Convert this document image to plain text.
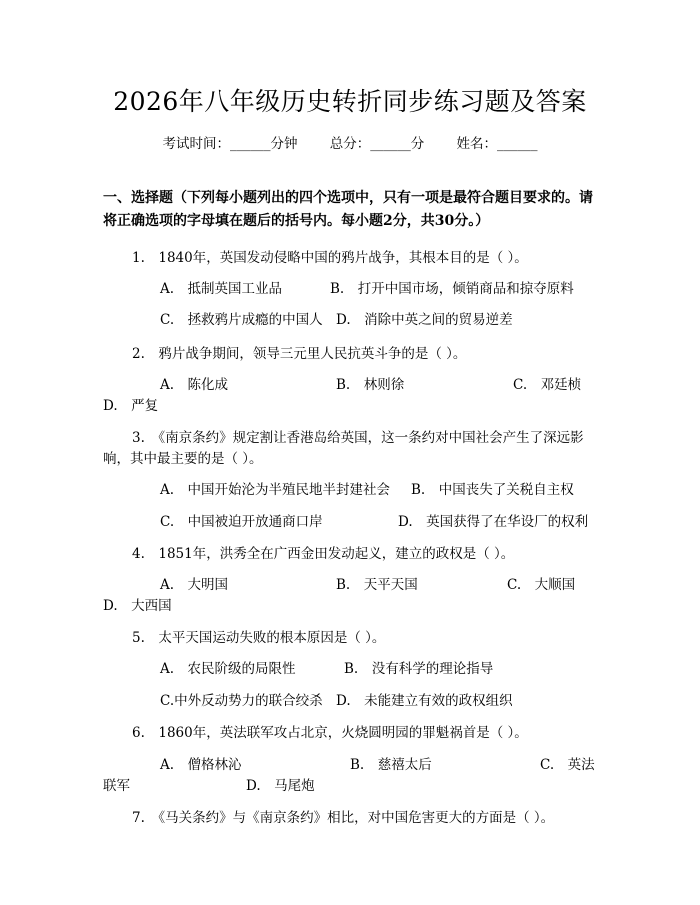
2026年八年级历史转折同步练习题及答案
考试时间：______分钟 总分：______分 姓名：______
一、选择题（下列每小题列出的四个选项中，只有一项是最符合题目要求的。请将正确选项的字母填在题后的括号内。每小题2分，共30分。）
1.　1840年，英国发动侵略中国的鸦片战争，其根本目的是（ ）。
A.　抵制英国工业品	B.　打开中国市场，倾销商品和掠夺原料
C.　拯救鸦片成瘾的中国人 D.　消除中英之间的贸易逆差
2.　鸦片战争期间，领导三元里人民抗英斗争的是（ ）。
A.　陈化成	B.　林则徐	C.　邓廷桢
D.　严复
3.　《南京条约》规定割让香港岛给英国，这一条约对中国社会产生了深远影
响，其中最主要的是（ ）。
A.　中国开始沦为半殖民地半封建社会 B.　中国丧失了关税自主权
C.　中国被迫开放通商口岸	D.　英国获得了在华设厂的权利
4.　1851年，洪秀全在广西金田发动起义，建立的政权是（ ）。
A.　大明国	B.　天平天国	C.　大顺国
D.　大西国
5.　太平天国运动失败的根本原因是（ ）。
A.　农民阶级的局限性	B.　没有科学的理论指导
C.中外反动势力的联合绞杀 D.　未能建立有效的政权组织
6.　1860年，英法联军攻占北京，火烧圆明园的罪魁祸首是（ ）。
A.　僧格林沁	B.　慈禧太后	C.　英法
联军	D.　马尾炮
7.　《马关条约》与《南京条约》相比，对中国危害更大的方面是（ ）。
